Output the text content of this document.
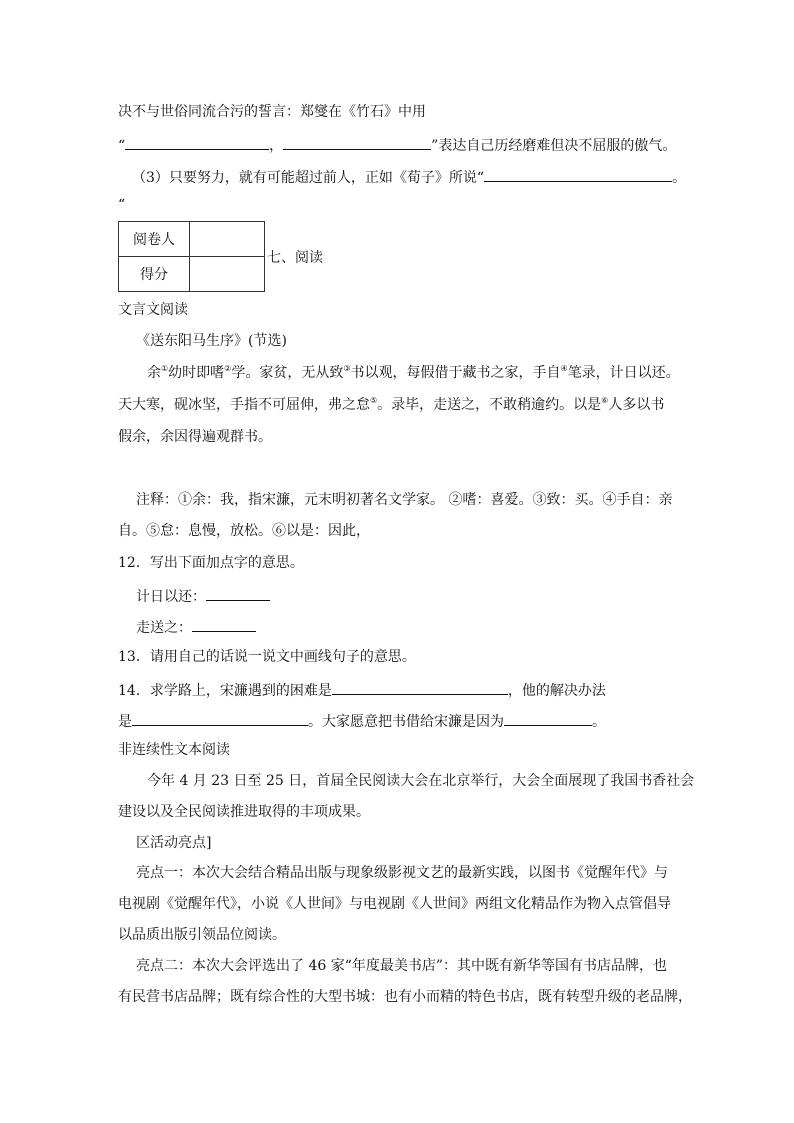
决不与世俗同流合污的誓言：郑燮在《竹石》中用
“	，	”表达自己历经磨难但决不屈服的傲气。
（3）只要努力，就有可能超过前人，正如《荀子》所说“	。
“
阅卷人	
得分	
七、阅读
文言文阅读
《送东阳马生序》(节选)
余①幼时即嗜②学。家贫，无从致③书以观，每假借于藏书之家，手自④笔录，计日以还。
天大寒，砚冰坚，手指不可屈伸，弗之怠⑤。录毕，走送之，不敢稍逾约。以是⑥人多以书
假余，余因得遍观群书。
注释：①余：我，指宋濂，元末明初著名文学家。 ②嗜：喜爱。③致：买。④手自：亲
自。⑤怠：息慢，放松。⑥以是：因此，
12．写出下面加点字的意思。
计日以还：
走送之：
13．请用自己的话说一说文中画线句子的意思。
14．求学路上，宋濂遇到的困难是	，他的解决办法
是	。大家愿意把书借给宋濂是因为	。
非连续性文本阅读
今年 4 月 23 日至 25 日，首届全民阅读大会在北京举行，大会全面展现了我国书香社会
建设以及全民阅读推进取得的丰项成果。
区活动亮点]
亮点一：本次大会结合精品出版与现象级影视文艺的最新实践，以图书《觉醒年代》与
电视剧《觉醒年代》，小说《人世间》与电视剧《人世间》两组文化精品作为物入点管倡导
以品质出版引领品位阅读。
亮点二：本次大会评选出了 46 家“年度最美书店”：其中既有新华等国有书店品牌，也
有民营书店品牌；既有综合性的大型书城：也有小而精的特色书店，既有转型升级的老品牌，
